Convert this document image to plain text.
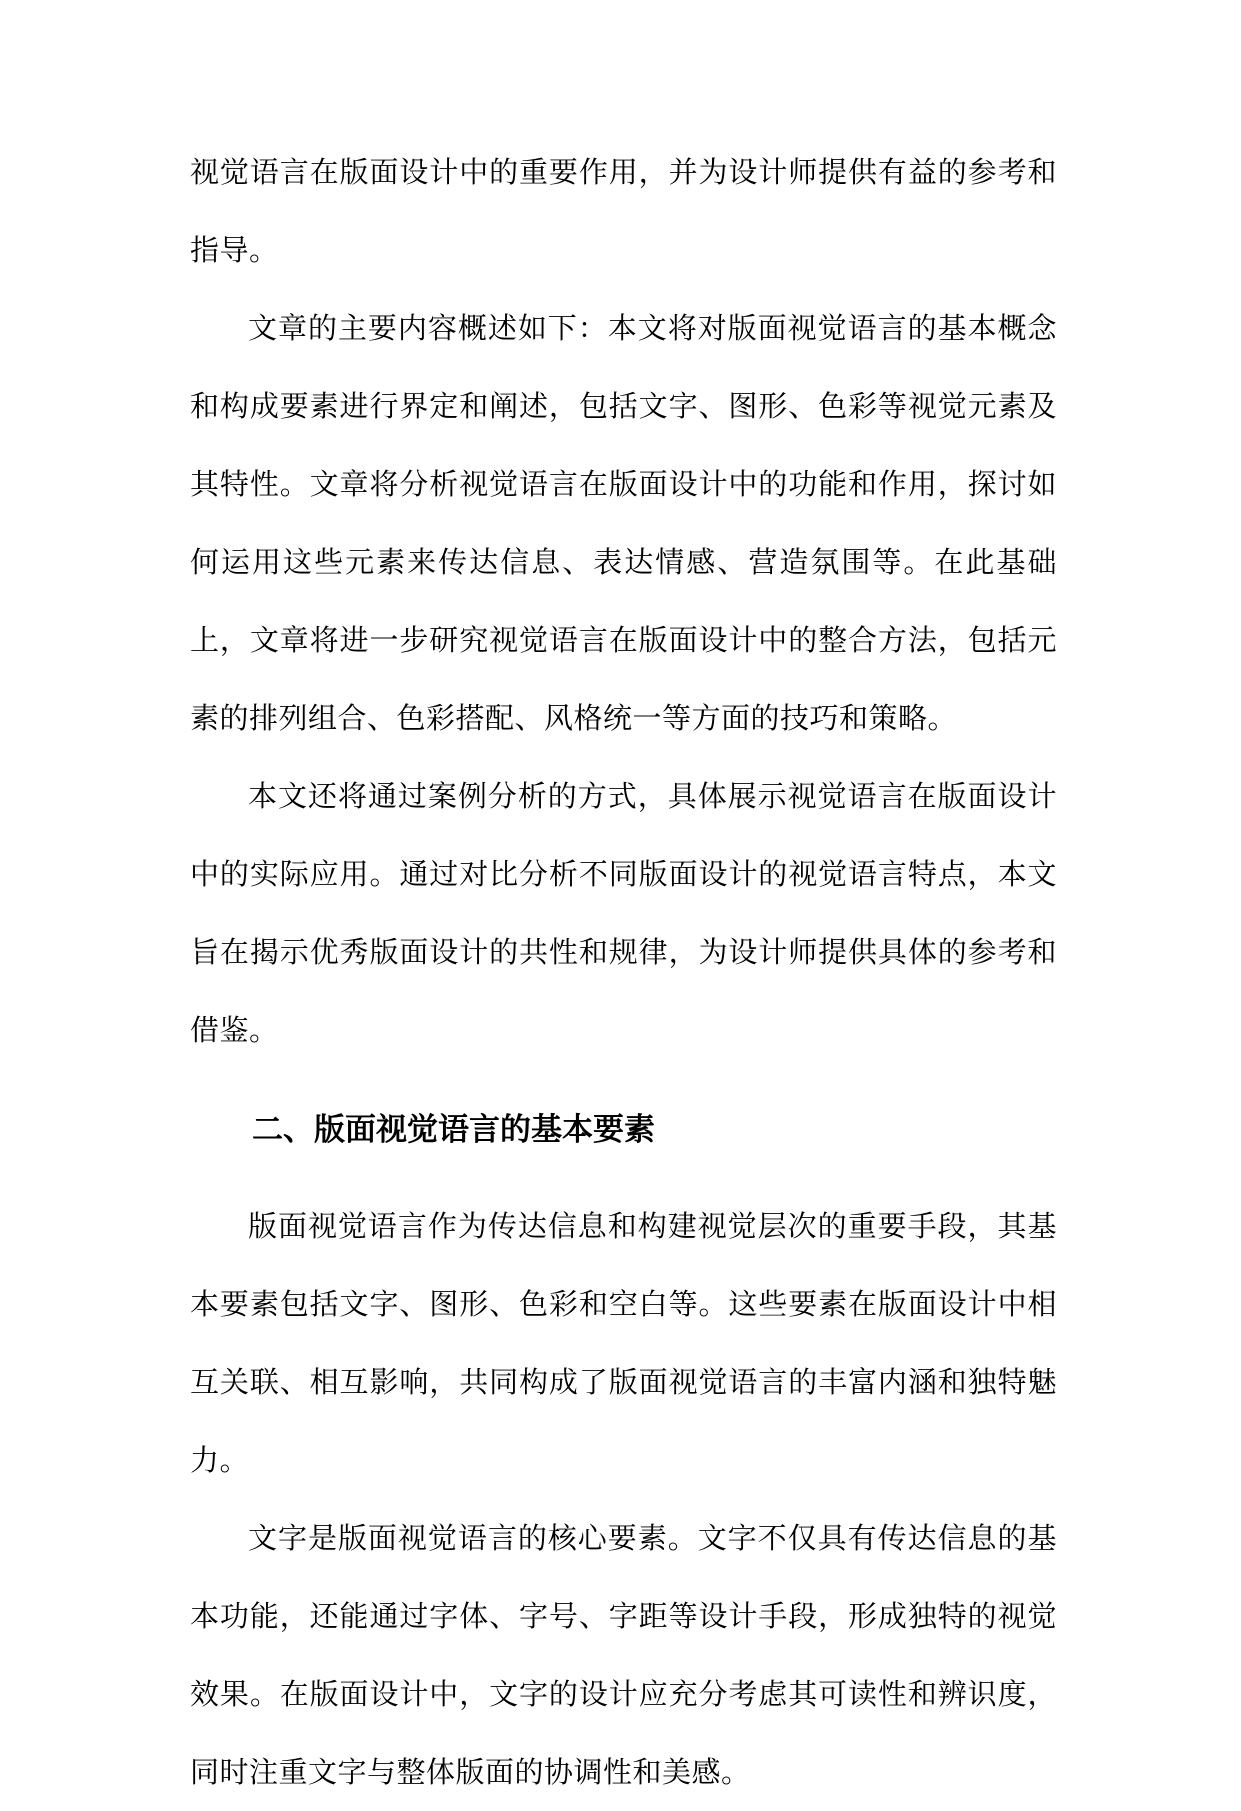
视觉语言在版面设计中的重要作用，并为设计师提供有益的参考和指导。

文章的主要内容概述如下：本文将对版面视觉语言的基本概念和构成要素进行界定和阐述，包括文字、图形、色彩等视觉元素及其特性。文章将分析视觉语言在版面设计中的功能和作用，探讨如何运用这些元素来传达信息、表达情感、营造氛围等。在此基础上，文章将进一步研究视觉语言在版面设计中的整合方法，包括元素的排列组合、色彩搭配、风格统一等方面的技巧和策略。

本文还将通过案例分析的方式，具体展示视觉语言在版面设计中的实际应用。通过对比分析不同版面设计的视觉语言特点，本文旨在揭示优秀版面设计的共性和规律，为设计师提供具体的参考和借鉴。

二、版面视觉语言的基本要素

版面视觉语言作为传达信息和构建视觉层次的重要手段，其基本要素包括文字、图形、色彩和空白等。这些要素在版面设计中相互关联、相互影响，共同构成了版面视觉语言的丰富内涵和独特魅力。

文字是版面视觉语言的核心要素。文字不仅具有传达信息的基本功能，还能通过字体、字号、字距等设计手段，形成独特的视觉效果。在版面设计中，文字的设计应充分考虑其可读性和辨识度，同时注重文字与整体版面的协调性和美感。
